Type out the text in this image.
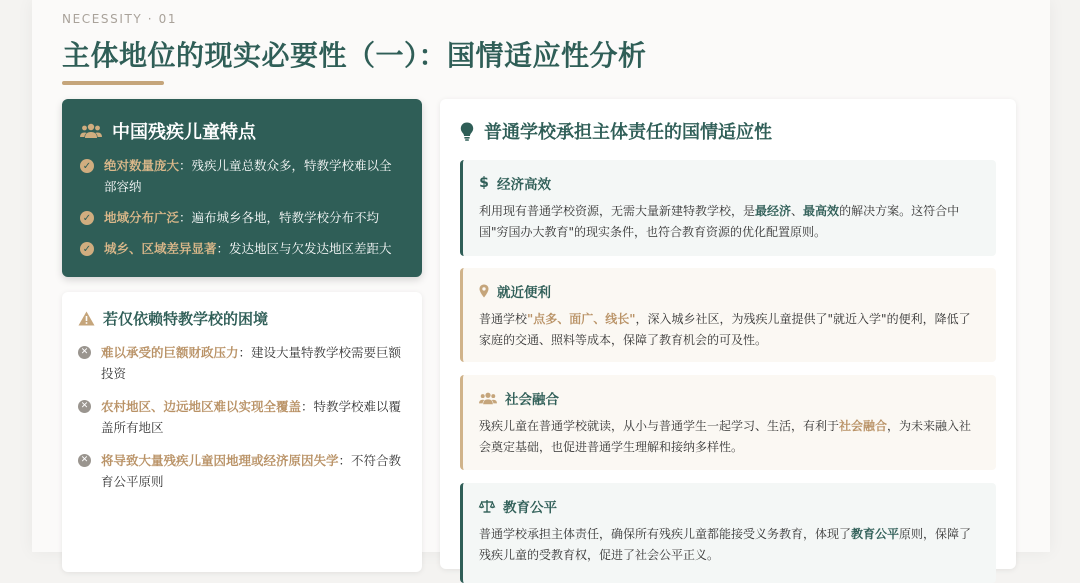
NECESSITY · 01
主体地位的现实必要性（一）：国情适应性分析
中国残疾儿童特点
✓ 绝对数量庞大：残疾儿童总数众多，特教学校难以全部容纳
✓ 地域分布广泛：遍布城乡各地，特教学校分布不均
✓ 城乡、区域差异显著：发达地区与欠发达地区差距大
若仅依赖特教学校的困境
✕ 难以承受的巨额财政压力：建设大量特教学校需要巨额投资
✕ 农村地区、边远地区难以实现全覆盖：特教学校难以覆盖所有地区
✕ 将导致大量残疾儿童因地理或经济原因失学：不符合教育公平原则
普通学校承担主体责任的国情适应性
$ 经济高效
利用现有普通学校资源，无需大量新建特教学校，是最经济、最高效的解决方案。这符合中国"穷国办大教育"的现实条件，也符合教育资源的优化配置原则。
就近便利
普通学校"点多、面广、线长"，深入城乡社区，为残疾儿童提供了"就近入学"的便利，降低了家庭的交通、照料等成本，保障了教育机会的可及性。
社会融合
残疾儿童在普通学校就读，从小与普通学生一起学习、生活，有利于社会融合，为未来融入社会奠定基础，也促进普通学生理解和接纳多样性。
教育公平
普通学校承担主体责任，确保所有残疾儿童都能接受义务教育，体现了教育公平原则，保障了残疾儿童的受教育权，促进了社会公平正义。
